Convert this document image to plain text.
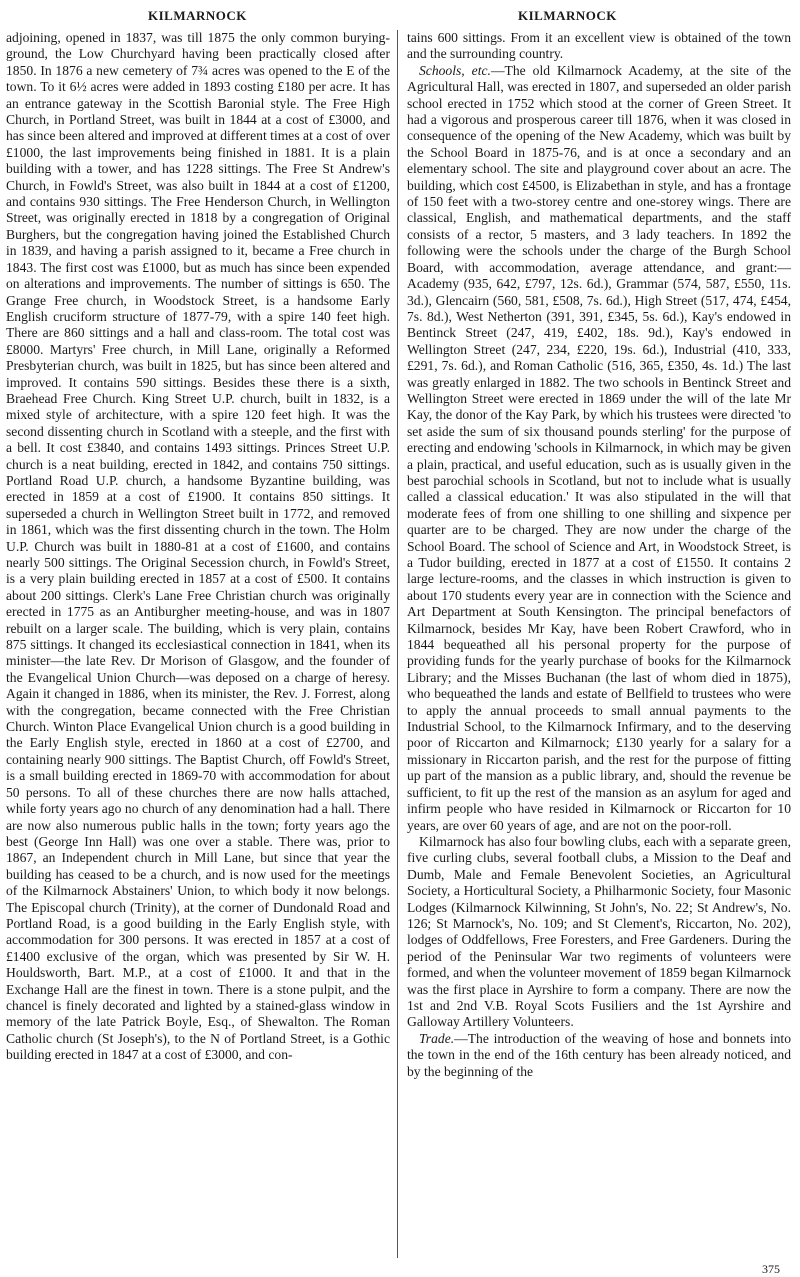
KILMARNOCK	KILMARNOCK

adjoining, opened in 1837, was till 1875 the only common burying-ground, the Low Churchyard having been practically closed after 1850. In 1876 a new cemetery of 7¾ acres was opened to the E of the town. To it 6½ acres were added in 1893 costing £180 per acre. It has an entrance gateway in the Scottish Baronial style. The Free High Church, in Portland Street, was built in 1844 at a cost of £3000, and has since been altered and improved at different times at a cost of over £1000, the last improvements being finished in 1881. It is a plain building with a tower, and has 1228 sittings. The Free St Andrew's Church, in Fowld's Street, was also built in 1844 at a cost of £1200, and contains 930 sittings. The Free Henderson Church, in Wellington Street, was originally erected in 1818 by a congregation of Original Burghers, but the congregation having joined the Established Church in 1839, and having a parish assigned to it, became a Free church in 1843. The first cost was £1000, but as much has since been expended on alterations and improvements. The number of sittings is 650. The Grange Free church, in Woodstock Street, is a handsome Early English cruciform structure of 1877-79, with a spire 140 feet high. There are 860 sittings and a hall and class-room. The total cost was £8000. Martyrs' Free church, in Mill Lane, originally a Reformed Presbyterian church, was built in 1825, but has since been altered and improved. It contains 590 sittings. Besides these there is a sixth, Braehead Free Church. King Street U.P. church, built in 1832, is a mixed style of architecture, with a spire 120 feet high. It was the second dissenting church in Scotland with a steeple, and the first with a bell. It cost £3840, and contains 1493 sittings. Princes Street U.P. church is a neat building, erected in 1842, and contains 750 sittings. Portland Road U.P. church, a handsome Byzantine building, was erected in 1859 at a cost of £1900. It contains 850 sittings. It superseded a church in Wellington Street built in 1772, and removed in 1861, which was the first dissenting church in the town. The Holm U.P. Church was built in 1880-81 at a cost of £1600, and contains nearly 500 sittings. The Original Secession church, in Fowld's Street, is a very plain building erected in 1857 at a cost of £500. It contains about 200 sittings. Clerk's Lane Free Christian church was originally erected in 1775 as an Antiburgher meeting-house, and was in 1807 rebuilt on a larger scale. The building, which is very plain, contains 875 sittings. It changed its ecclesiastical connection in 1841, when its minister—the late Rev. Dr Morison of Glasgow, and the founder of the Evangelical Union Church—was deposed on a charge of heresy. Again it changed in 1886, when its minister, the Rev. J. Forrest, along with the congregation, became connected with the Free Christian Church. Winton Place Evangelical Union church is a good building in the Early English style, erected in 1860 at a cost of £2700, and containing nearly 900 sittings. The Baptist Church, off Fowld's Street, is a small building erected in 1869-70 with accommodation for about 50 persons. To all of these churches there are now halls attached, while forty years ago no church of any denomination had a hall. There are now also numerous public halls in the town; forty years ago the best (George Inn Hall) was one over a stable. There was, prior to 1867, an Independent church in Mill Lane, but since that year the building has ceased to be a church, and is now used for the meetings of the Kilmarnock Abstainers' Union, to which body it now belongs. The Episcopal church (Trinity), at the corner of Dundonald Road and Portland Road, is a good building in the Early English style, with accommodation for 300 persons. It was erected in 1857 at a cost of £1400 exclusive of the organ, which was presented by Sir W. H. Houldsworth, Bart. M.P., at a cost of £1000. It and that in the Exchange Hall are the finest in town. There is a stone pulpit, and the chancel is finely decorated and lighted by a stained-glass window in memory of the late Patrick Boyle, Esq., of Shewalton. The Roman Catholic church (St Joseph's), to the N of Portland Street, is a Gothic building erected in 1847 at a cost of £3000, and con-

tains 600 sittings. From it an excellent view is obtained of the town and the surrounding country.

Schools, etc.—The old Kilmarnock Academy, at the site of the Agricultural Hall, was erected in 1807, and superseded an older parish school erected in 1752 which stood at the corner of Green Street. It had a vigorous and prosperous career till 1876, when it was closed in consequence of the opening of the New Academy, which was built by the School Board in 1875-76, and is at once a secondary and an elementary school. The site and playground cover about an acre. The building, which cost £4500, is Elizabethan in style, and has a frontage of 150 feet with a two-storey centre and one-storey wings. There are classical, English, and mathematical departments, and the staff consists of a rector, 5 masters, and 3 lady teachers. In 1892 the following were the schools under the charge of the Burgh School Board, with accommodation, average attendance, and grant:—Academy (935, 642, £797, 12s. 6d.), Grammar (574, 587, £550, 11s. 3d.), Glencairn (560, 581, £508, 7s. 6d.), High Street (517, 474, £454, 7s. 8d.), West Netherton (391, 391, £345, 5s. 6d.), Kay's endowed in Bentinck Street (247, 419, £402, 18s. 9d.), Kay's endowed in Wellington Street (247, 234, £220, 19s. 6d.), Industrial (410, 333, £291, 7s. 6d.), and Roman Catholic (516, 365, £350, 4s. 1d.) The last was greatly enlarged in 1882. The two schools in Bentinck Street and Wellington Street were erected in 1869 under the will of the late Mr Kay, the donor of the Kay Park, by which his trustees were directed 'to set aside the sum of six thousand pounds sterling' for the purpose of erecting and endowing 'schools in Kilmarnock, in which may be given a plain, practical, and useful education, such as is usually given in the best parochial schools in Scotland, but not to include what is usually called a classical education.' It was also stipulated in the will that moderate fees of from one shilling to one shilling and sixpence per quarter are to be charged. They are now under the charge of the School Board. The school of Science and Art, in Woodstock Street, is a Tudor building, erected in 1877 at a cost of £1550. It contains 2 large lecture-rooms, and the classes in which instruction is given to about 170 students every year are in connection with the Science and Art Department at South Kensington. The principal benefactors of Kilmarnock, besides Mr Kay, have been Robert Crawford, who in 1844 bequeathed all his personal property for the purpose of providing funds for the yearly purchase of books for the Kilmarnock Library; and the Misses Buchanan (the last of whom died in 1875), who bequeathed the lands and estate of Bellfield to trustees who were to apply the annual proceeds to small annual payments to the Industrial School, to the Kilmarnock Infirmary, and to the deserving poor of Riccarton and Kilmarnock; £130 yearly for a salary for a missionary in Riccarton parish, and the rest for the purpose of fitting up part of the mansion as a public library, and, should the revenue be sufficient, to fit up the rest of the mansion as an asylum for aged and infirm people who have resided in Kilmarnock or Riccarton for 10 years, are over 60 years of age, and are not on the poor-roll.

Kilmarnock has also four bowling clubs, each with a separate green, five curling clubs, several football clubs, a Mission to the Deaf and Dumb, Male and Female Benevolent Societies, an Agricultural Society, a Horticultural Society, a Philharmonic Society, four Masonic Lodges (Kilmarnock Kilwinning, St John's, No. 22; St Andrew's, No. 126; St Marnock's, No. 109; and St Clement's, Riccarton, No. 202), lodges of Oddfellows, Free Foresters, and Free Gardeners. During the period of the Peninsular War two regiments of volunteers were formed, and when the volunteer movement of 1859 began Kilmarnock was the first place in Ayrshire to form a company. There are now the 1st and 2nd V.B. Royal Scots Fusiliers and the 1st Ayrshire and Galloway Artillery Volunteers.

Trade.—The introduction of the weaving of hose and bonnets into the town in the end of the 16th century has been already noticed, and by the beginning of the

375
